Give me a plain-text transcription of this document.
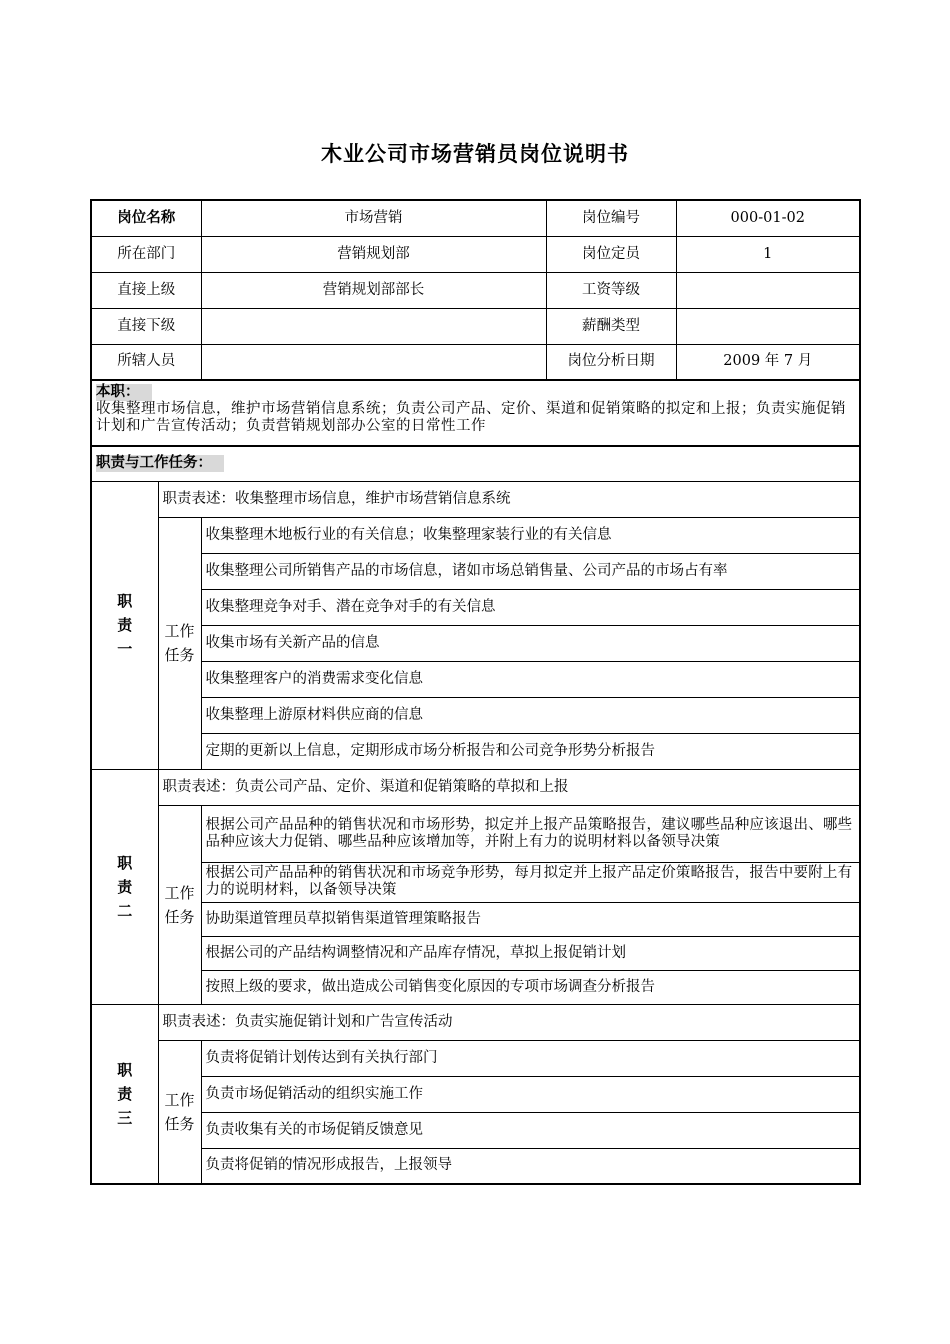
木业公司市场营销员岗位说明书
岗位名称		市场营销	岗位编号	000-01-02
所在部门		营销规划部	岗位定员	1
直接上级		营销规划部部长	工资等级	
直接下级			薪酬类型	
所辖人员			岗位分析日期	2009 年 7 月
本职：
收集整理市场信息，维护市场营销信息系统；负责公司产品、定价、渠道和促销策略的拟定和上报；负责实施促销计划和广告宣传活动；负责营销规划部办公室的日常性工作				
职责与工作任务：				
职
责
一	职责表述：收集整理市场信息，维护市场营销信息系统			
	工作
任务	收集整理木地板行业的有关信息；收集整理家装行业的有关信息		
		收集整理公司所销售产品的市场信息，诸如市场总销售量、公司产品的市场占有率		
		收集整理竞争对手、潜在竞争对手的有关信息		
		收集市场有关新产品的信息		
		收集整理客户的消费需求变化信息		
		收集整理上游原材料供应商的信息		
		定期的更新以上信息，定期形成市场分析报告和公司竞争形势分析报告		
职
责
二	职责表述：负责公司产品、定价、渠道和促销策略的草拟和上报			
	工作
任务	根据公司产品品种的销售状况和市场形势，拟定并上报产品策略报告，建议哪些品种应该退出、哪些品种应该大力促销、哪些品种应该增加等，并附上有力的说明材料以备领导决策		
		根据公司产品品种的销售状况和市场竞争形势，每月拟定并上报产品定价策略报告，报告中要附上有力的说明材料，以备领导决策		
		协助渠道管理员草拟销售渠道管理策略报告		
		根据公司的产品结构调整情况和产品库存情况，草拟上报促销计划		
		按照上级的要求，做出造成公司销售变化原因的专项市场调查分析报告		
职
责
三	职责表述：负责实施促销计划和广告宣传活动			
	工作
任务	负责将促销计划传达到有关执行部门		
		负责市场促销活动的组织实施工作		
		负责收集有关的市场促销反馈意见		
		负责将促销的情况形成报告，上报领导		
